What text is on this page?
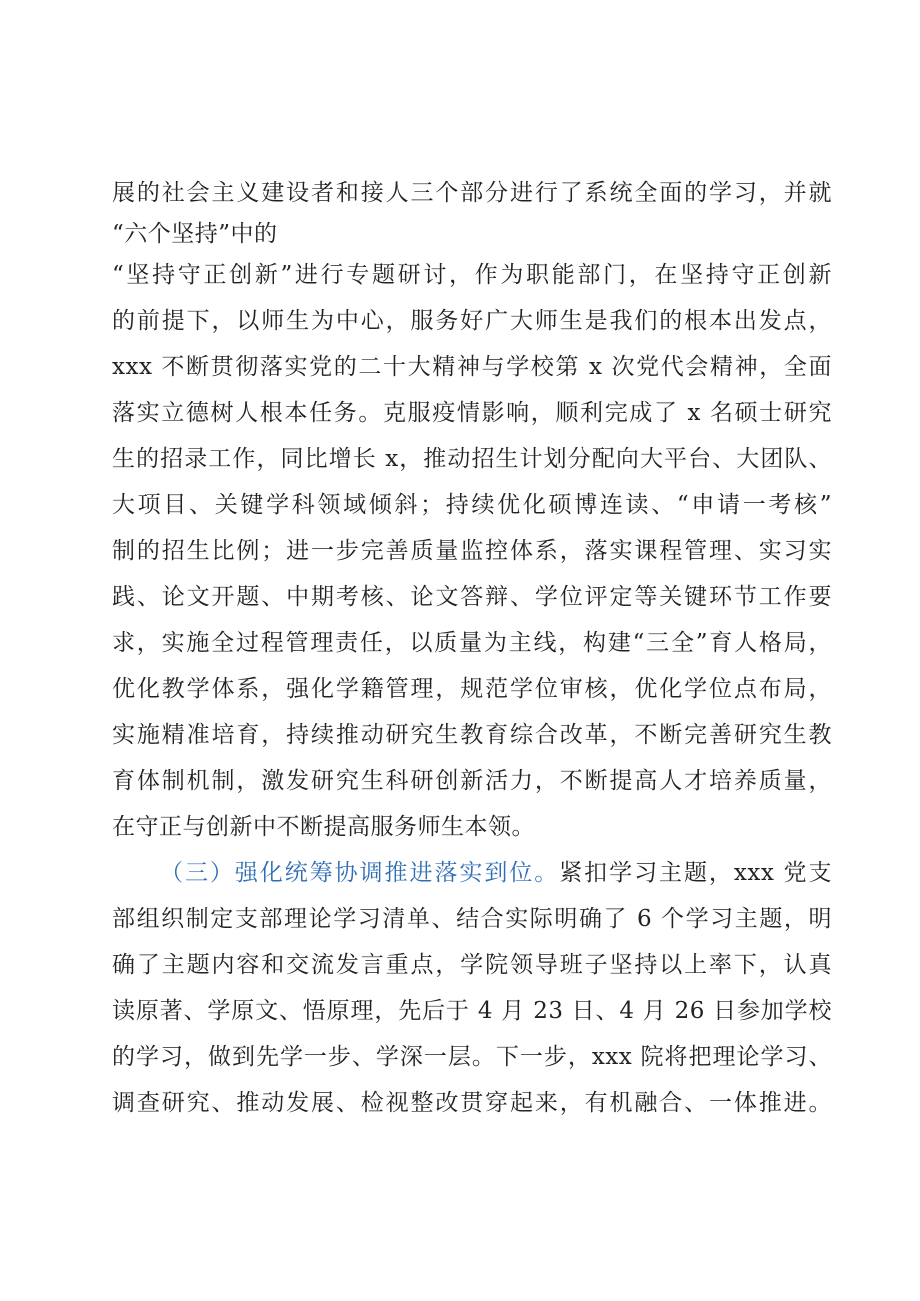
展的社会主义建设者和接人三个部分进行了系统全面的学习，并就
“六个坚持”中的
“坚持守正创新”进行专题研讨，作为职能部门，在坚持守正创新
的前提下，以师生为中心，服务好广大师生是我们的根本出发点，
xxx 不断贯彻落实党的二十大精神与学校第 x 次党代会精神，全面
落实立德树人根本任务。克服疫情影响，顺利完成了 x 名硕士研究
生的招录工作，同比增长 x，推动招生计划分配向大平台、大团队、
大项目、关键学科领域倾斜；持续优化硕博连读、“申请一考核”
制的招生比例；进一步完善质量监控体系，落实课程管理、实习实
践、论文开题、中期考核、论文答辩、学位评定等关键环节工作要
求，实施全过程管理责任，以质量为主线，构建“三全”育人格局，
优化教学体系，强化学籍管理，规范学位审核，优化学位点布局，
实施精准培育，持续推动研究生教育综合改革，不断完善研究生教
育体制机制，激发研究生科研创新活力，不断提高人才培养质量，
在守正与创新中不断提高服务师生本领。
（三）强化统筹协调推进落实到位。紧扣学习主题，xxx 党支
部组织制定支部理论学习清单、结合实际明确了 6 个学习主题，明
确了主题内容和交流发言重点，学院领导班子坚持以上率下，认真
读原著、学原文、悟原理，先后于 4 月 23 日、4 月 26 日参加学校
的学习，做到先学一步、学深一层。下一步，xxx 院将把理论学习、
调查研究、推动发展、检视整改贯穿起来，有机融合、一体推进。
